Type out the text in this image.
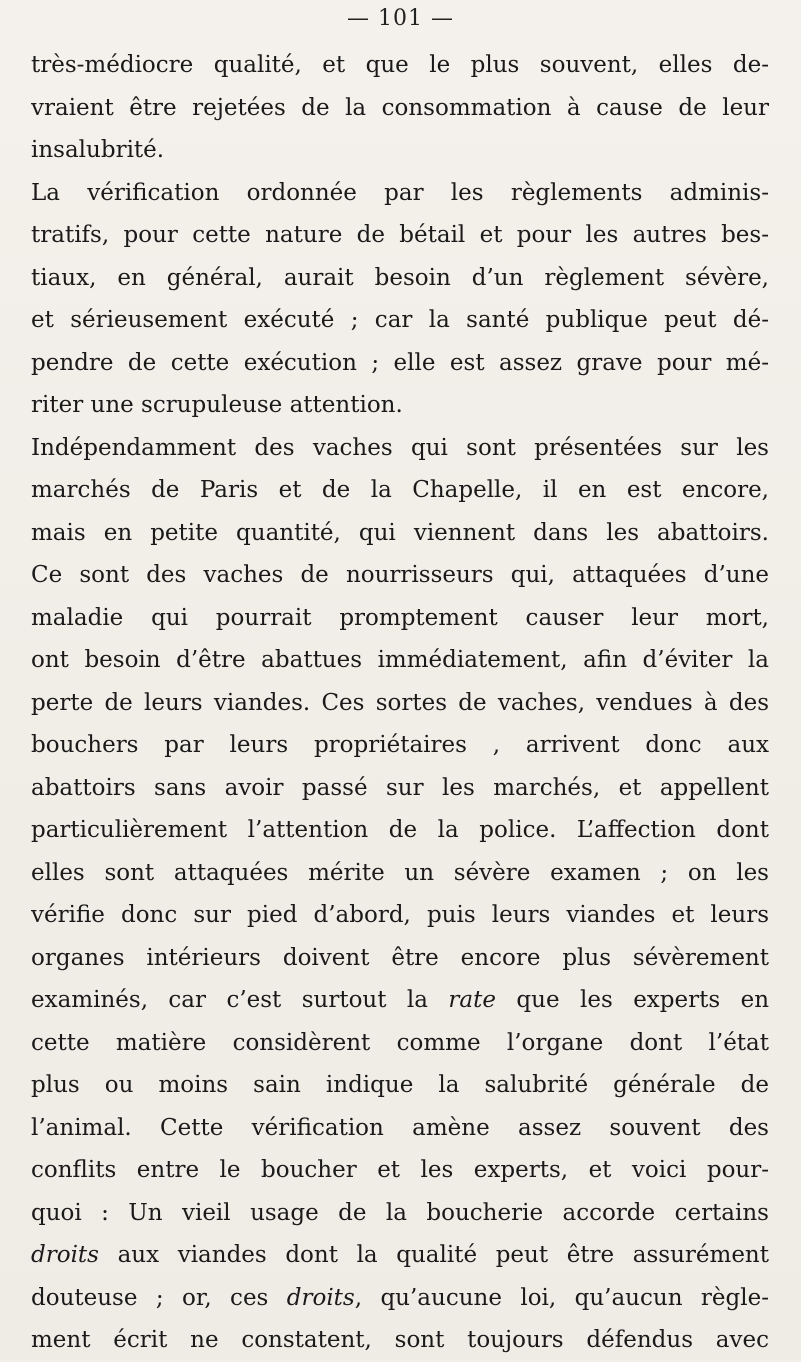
— 101 —
très-médiocre qualité, et que le plus souvent, elles de-
vraient être rejetées de la consommation à cause de leur
insalubrité.
La vérification ordonnée par les règlements adminis-
tratifs, pour cette nature de bétail et pour les autres bes-
tiaux, en général, aurait besoin d’un règlement sévère,
et sérieusement exécuté ; car la santé publique peut dé-
pendre de cette exécution ; elle est assez grave pour mé-
riter une scrupuleuse attention.
Indépendamment des vaches qui sont présentées sur les
marchés de Paris et de la Chapelle, il en est encore,
mais en petite quantité, qui viennent dans les abattoirs.
Ce sont des vaches de nourrisseurs qui, attaquées d’une
maladie qui pourrait promptement causer leur mort,
ont besoin d’être abattues immédiatement, afin d’éviter la
perte de leurs viandes. Ces sortes de vaches, vendues à des
bouchers par leurs propriétaires , arrivent donc aux
abattoirs sans avoir passé sur les marchés, et appellent
particulièrement l’attention de la police. L’affection dont
elles sont attaquées mérite un sévère examen ; on les
vérifie donc sur pied d’abord, puis leurs viandes et leurs
organes intérieurs doivent être encore plus sévèrement
examinés, car c’est surtout la rate que les experts en
cette matière considèrent comme l’organe dont l’état
plus ou moins sain indique la salubrité générale de
l’animal. Cette vérification amène assez souvent des
conflits entre le boucher et les experts, et voici pour-
quoi : Un vieil usage de la boucherie accorde certains
droits aux viandes dont la qualité peut être assurément
douteuse ; or, ces droits, qu’aucune loi, qu’aucun règle-
ment écrit ne constatent, sont toujours défendus avec
